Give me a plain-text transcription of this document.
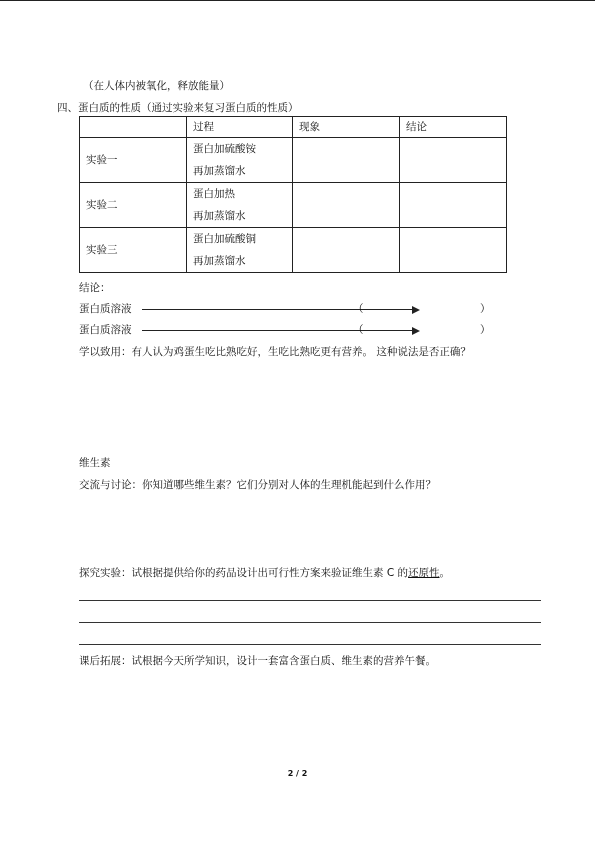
（在人体内被氧化，释放能量）
四、蛋白质的性质（通过实验来复习蛋白质的性质）
	过程	现象	结论
实验一	蛋白加硫酸铵
再加蒸馏水		

实验二	蛋白加热
再加蒸馏水		

实验三	蛋白加硫酸铜
再加蒸馏水		

结论：
蛋白质溶液	（	）
蛋白质溶液	（	）
学以致用：有人认为鸡蛋生吃比熟吃好，生吃比熟吃更有营养。 这种说法是否正确？
维生素
交流与讨论：你知道哪些维生素？它们分别对人体的生理机能起到什么作用？
探究实验：试根据提供给你的药品设计出可行性方案来验证维生素 C 的还原性。
课后拓展：试根据今天所学知识，设计一套富含蛋白质、维生素的营养午餐。
2 / 2
